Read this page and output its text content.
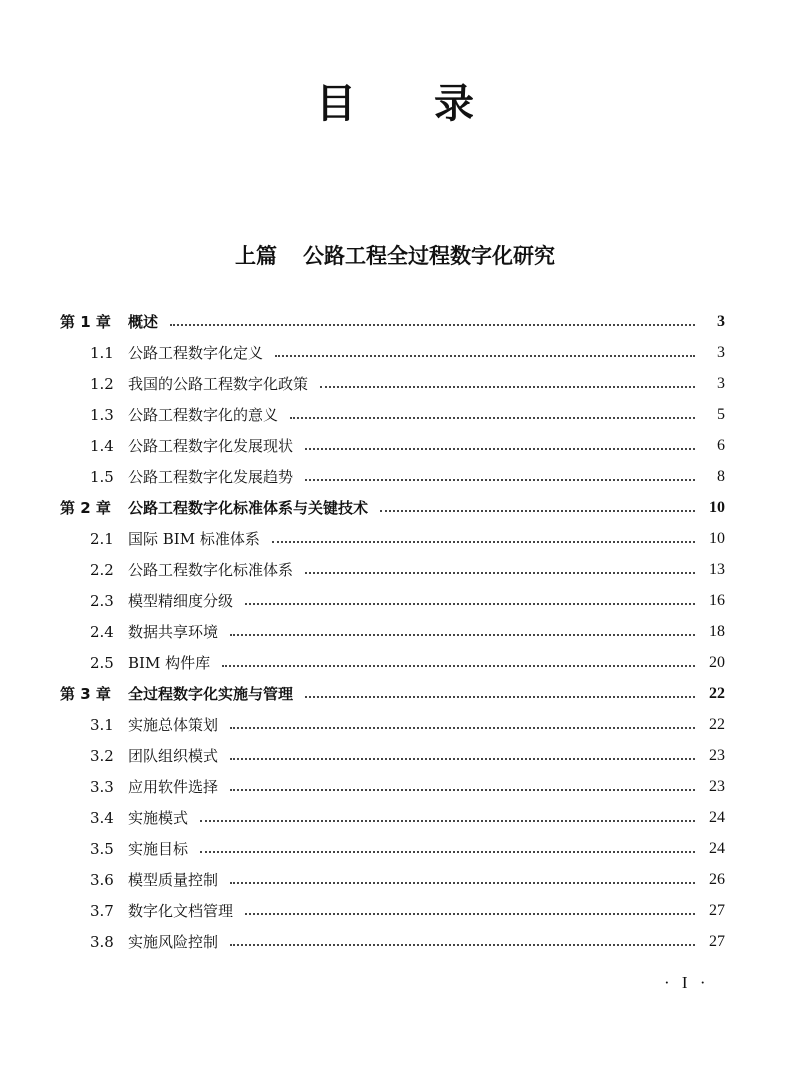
目录
上篇 公路工程全过程数字化研究
第 1 章	概述	3
1.1 公路工程数字化定义	3
1.2 我国的公路工程数字化政策	3
1.3 公路工程数字化的意义	5
1.4 公路工程数字化发展现状	6
1.5 公路工程数字化发展趋势	8
第 2 章	公路工程数字化标准体系与关键技术	10
2.1 国际 BIM 标准体系	10
2.2 公路工程数字化标准体系	13
2.3 模型精细度分级	16
2.4 数据共享环境	18
2.5 BIM 构件库	20
第 3 章	全过程数字化实施与管理	22
3.1 实施总体策划	22
3.2 团队组织模式	23
3.3 应用软件选择	23
3.4 实施模式	24
3.5 实施目标	24
3.6 模型质量控制	26
3.7 数字化文档管理	27
3.8 实施风险控制	27
· I ·
